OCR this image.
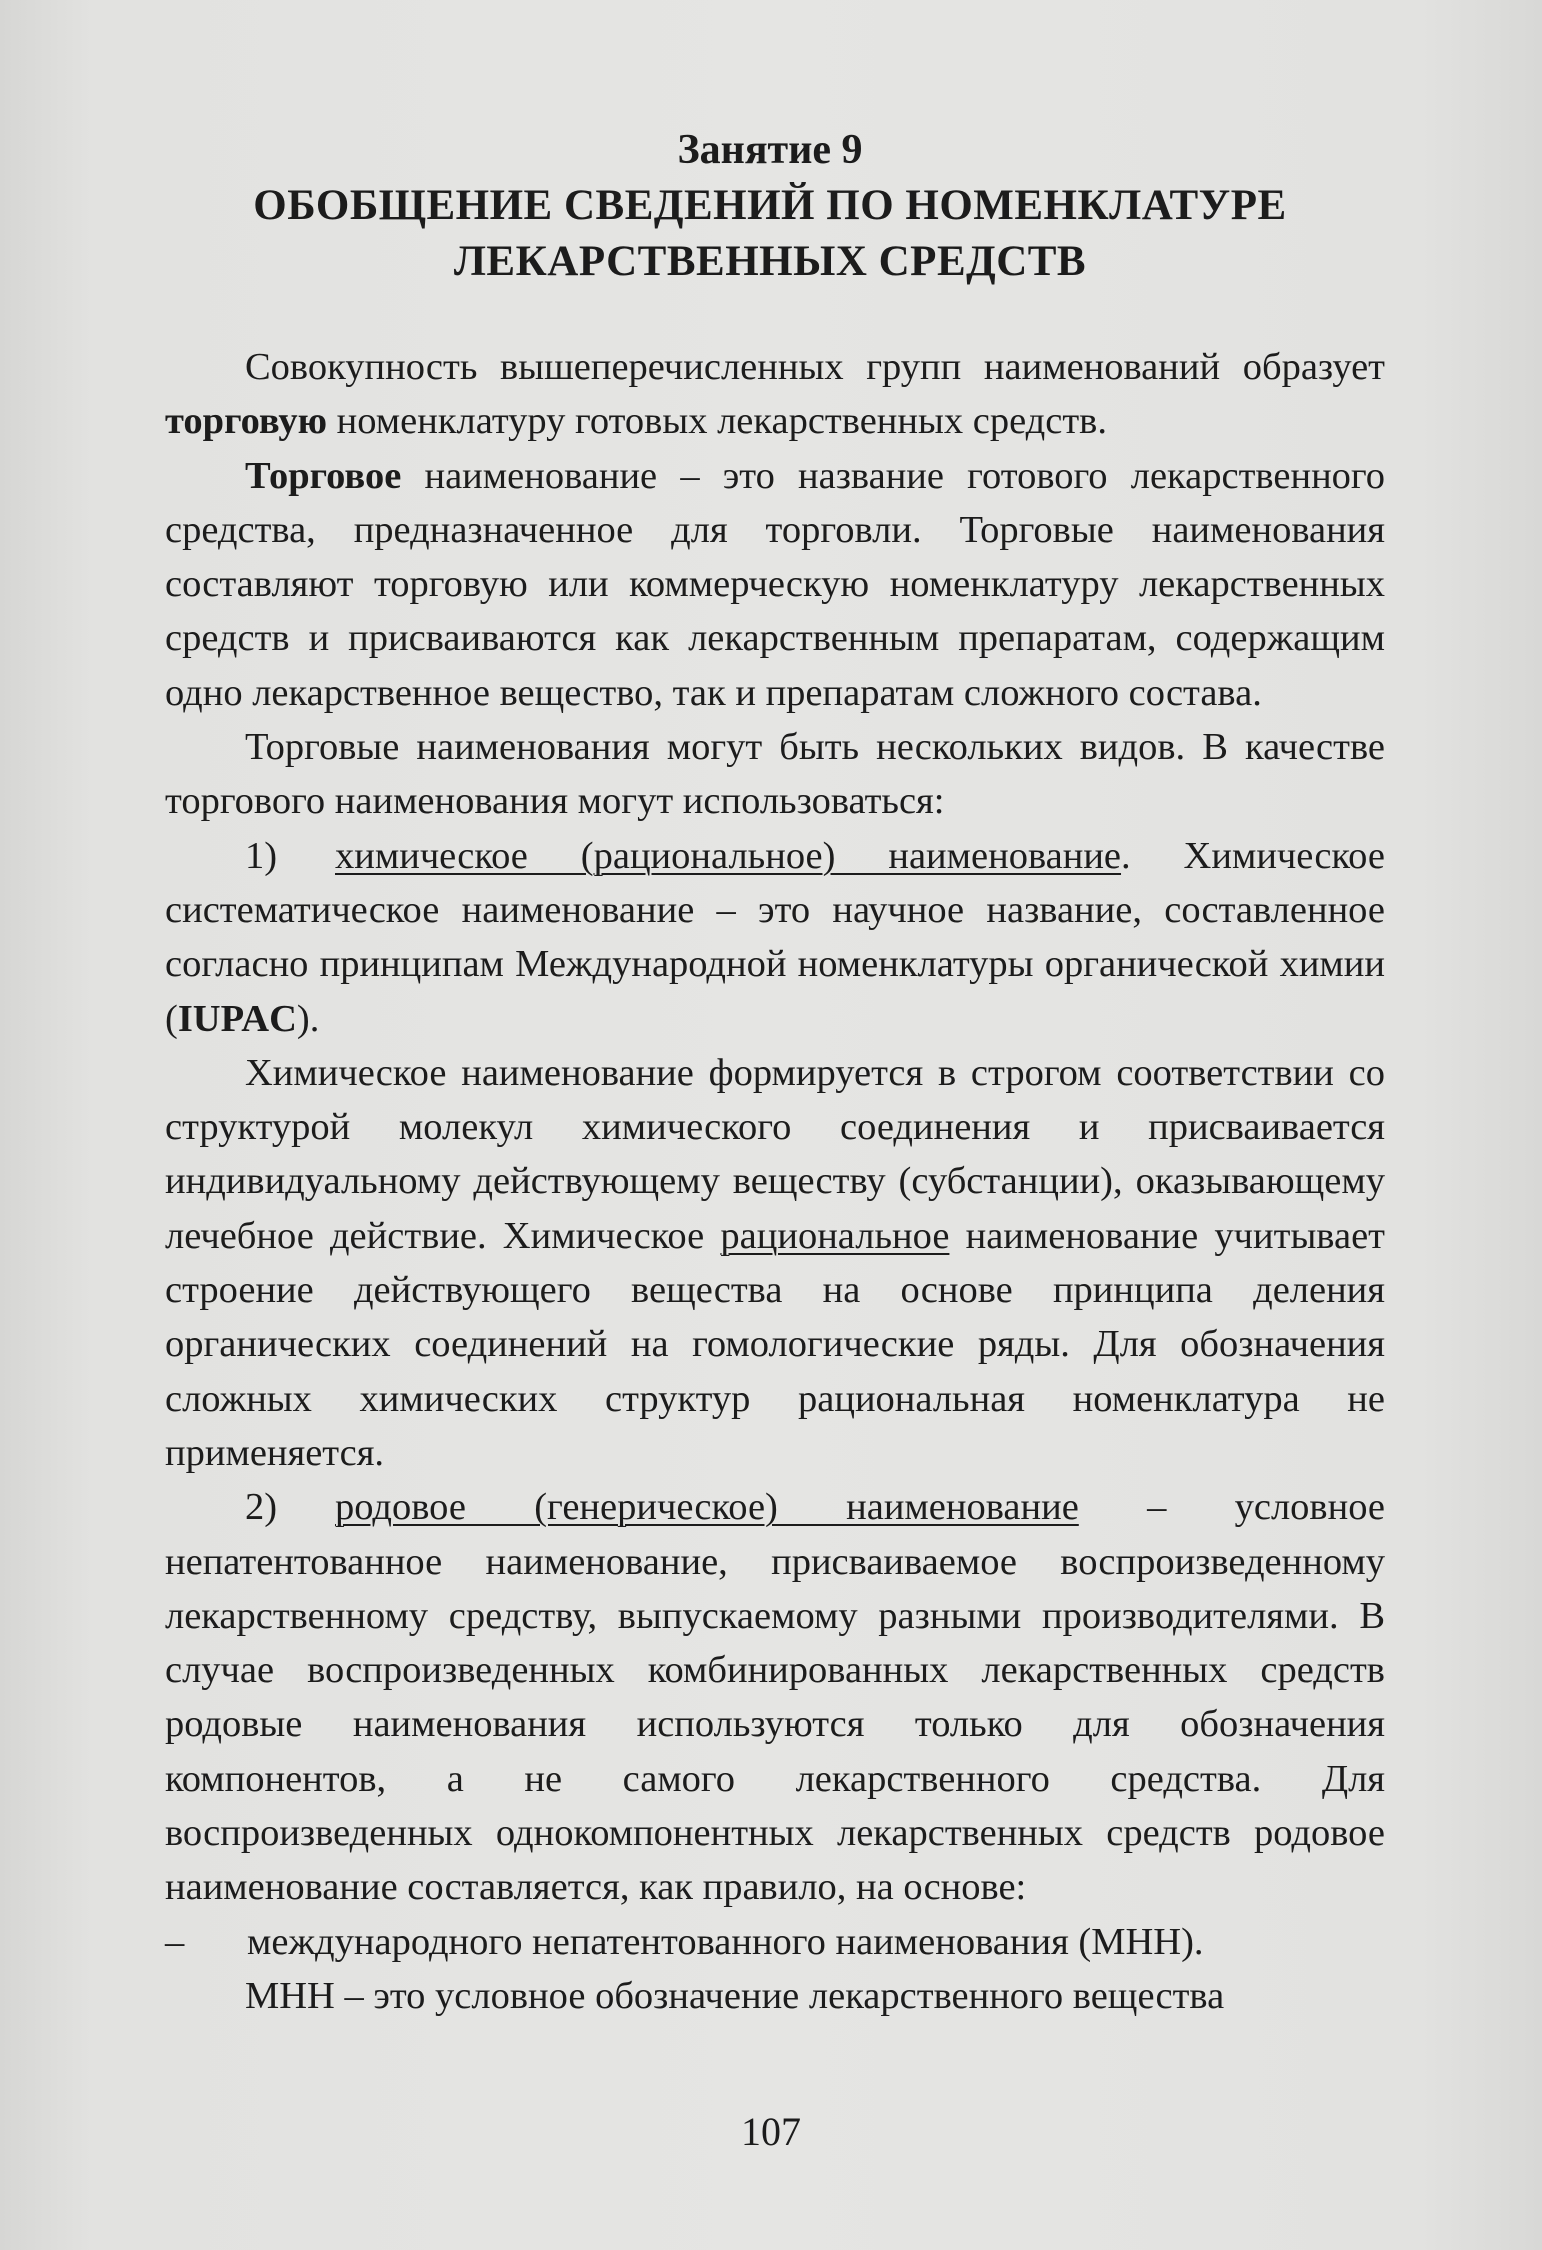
Занятие 9
ОБОБЩЕНИЕ СВЕДЕНИЙ ПО НОМЕНКЛАТУРЕ
ЛЕКАРСТВЕННЫХ СРЕДСТВ

Совокупность вышеперечисленных групп наименований образует торговую номенклатуру готовых лекарственных средств.

Торговое наименование – это название готового лекарственного средства, предназначенное для торговли. Торговые наименования составляют торговую или коммерческую номенклатуру лекарственных средств и присваиваются как лекарственным препаратам, содержащим одно лекарственное вещество, так и препаратам сложного состава.

Торговые наименования могут быть нескольких видов. В качестве торгового наименования могут использоваться:

1) химическое (рациональное) наименование. Химическое систематическое наименование – это научное название, составленное согласно принципам Международной номенклатуры органической химии (IUPAC).

Химическое наименование формируется в строгом соответствии со структурой молекул химического соединения и присваивается индивидуальному действующему веществу (субстанции), оказывающему лечебное действие. Химическое рациональное наименование учитывает строение действующего вещества на основе принципа деления органических соединений на гомологические ряды. Для обозначения сложных химических структур рациональная номенклатура не применяется.

2) родовое (генерическое) наименование – условное непатентованное наименование, присваиваемое воспроизведенному лекарственному средству, выпускаемому разными производителями. В случае воспроизведенных комбинированных лекарственных средств родовые наименования используются только для обозначения компонентов, а не самого лекарственного средства. Для воспроизведенных однокомпонентных лекарственных средств родовое наименование составляется, как правило, на основе:

– международного непатентованного наименования (МНН).

МНН – это условное обозначение лекарственного вещества

107
